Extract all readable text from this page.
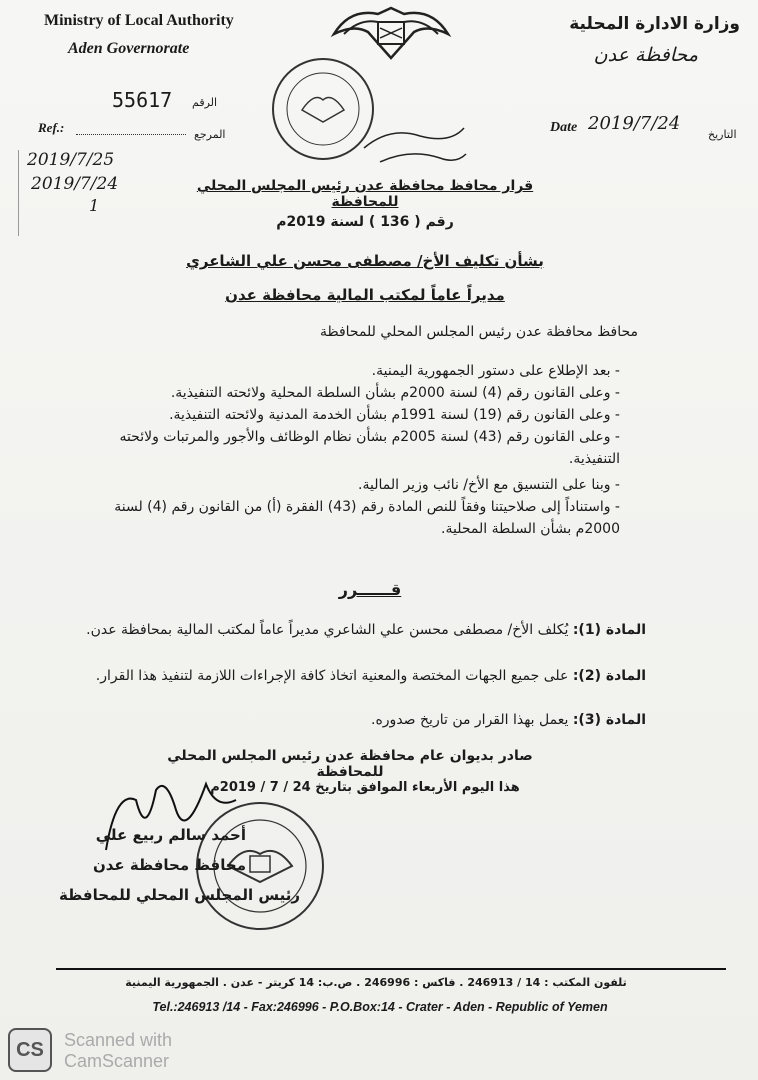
Ministry of Local Authority
Aden Governorate
وزارة الادارة المحلية
محافظة عدن
55617 الرقم
Ref.:	المرجع	Date 2019/7/24
التاريخ
2019/7/25
2019/7/24
1
قرار محافظ محافظة عدن رئيس المجلس المحلي للمحافظة
رقم ( 136 ) لسنة 2019م
بشأن تكليف الأخ/ مصطفى محسن علي الشاعري
مديراً عاماً لمكتب المالية محافظة عدن
محافظ محافظة عدن رئيس المجلس المحلي للمحافظة
- بعد الإطلاع على دستور الجمهورية اليمنية.
- وعلى القانون رقم (4) لسنة 2000م بشأن السلطة المحلية ولائحته التنفيذية.
- وعلى القانون رقم (19) لسنة 1991م بشأن الخدمة المدنية ولائحته التنفيذية.
- وعلى القانون رقم (43) لسنة 2005م بشأن نظام الوظائف والأجور والمرتبات ولائحته التنفيذية.
- وبنا على التنسيق مع الأخ/ نائب وزير المالية.
- واستناداً إلى صلاحيتنا وفقاً للنص المادة رقم (43) الفقرة (أ) من القانون رقم (4) لسنة 2000م بشأن السلطة المحلية.
قــــــرر
المادة (1): يُكلف الأخ/ مصطفى محسن علي الشاعري مديراً عاماً لمكتب المالية بمحافظة عدن.
المادة (2): على جميع الجهات المختصة والمعنية اتخاذ كافة الإجراءات اللازمة لتنفيذ هذا القرار.
المادة (3): يعمل بهذا القرار من تاريخ صدوره.
صادر بديوان عام محافظة عدن رئيس المجلس المحلي للمحافظة
هذا اليوم الأربعاء الموافق بتاريخ 24 / 7 / 2019م
أحمد سالم ربيع علي
محافظ محافظة عدن
رئيس المجلس المحلي للمحافظة
تلفون المكتب : 14 / 246913 . فاكس : 246996 . ص.ب: 14 كريتر - عدن . الجمهورية اليمنية
Tel.:246913 /14 - Fax:246996 - P.O.Box:14 - Crater - Aden - Republic of Yemen
CS	Scanned with
CamScanner
